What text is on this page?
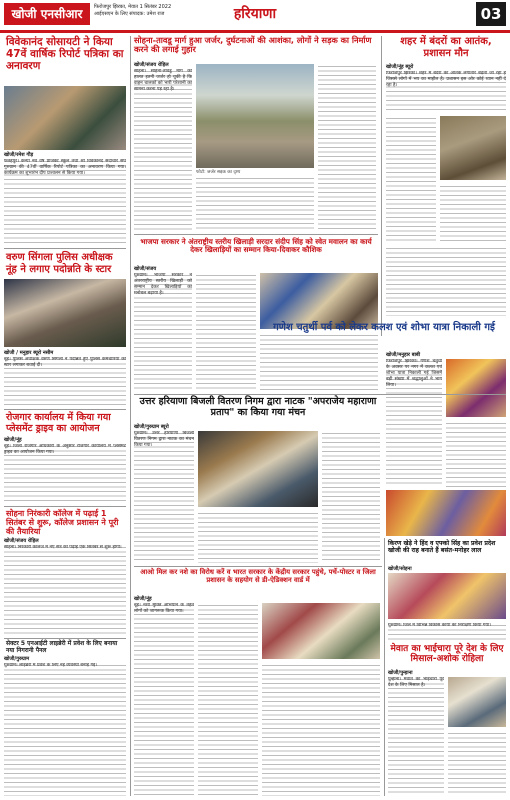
खोजी एनसीआर	फिरोजपुर झिरका, मेवात 1 सितंबर 2022
आईएसएन के लिए संपादक: उमेश राज	हरियाणा	03
विवेकानंद सोसायटी ने किया 47वें वार्षिक रिपोर्ट पत्रिका का अनावरण
खोजी/रमेश गौड़
फतेहपुर। कन्या नव वर्ष प्रोजेक्ट स्कूल तथा श्री विवेकानंद सदाचार संघ गुरुग्राम की 47वीं वार्षिक रिपोर्ट पत्रिका का अनावरण किया गया। कार्यक्रम का शुभारंभ दीप प्रज्वलन से किया गया।
वरुण सिंगला पुलिस अधीक्षक नूंह ने लगाए पदोन्नति के स्टार
खोजी / मनुहार ब्यूरो नसीम
नूंह। पुलिस अधीक्षक वरुण सिंगला ने पदोन्नत हुए पुलिस कर्मचारियों को स्टार लगाकर बधाई दी।
रोजगार कार्यालय में किया गया प्लेसमेंट ड्राइव का आयोजन
खोजी/नूंह
नूंह। जिला रोजगार अधिकारी के अनुसार रोजगार कार्यालय में प्लेसमेंट ड्राइव का आयोजन किया गया।
सोहना निरंकारी कॉलेज में पढ़ाई 1 सितंबर से शुरू, कॉलेज प्रशासन ने पूरी की तैयारियां
खोजी/संजय रोहिल
सोहना। निरंकारी कॉलेज में नए सत्र की पढ़ाई एक सितंबर से शुरू होगी।
सेक्टर 5 एनआईटी लाइब्रेरी में प्रवेश के लिए बनाया नया निगरानी पैनल
खोजी/गुरुग्राम
गुरुग्राम। लाइब्रेरी में प्रवेश के लिए नई व्यवस्था बनाई गई।
सोहना-तावडू मार्ग हुआ जर्जर, दुर्घटनाओं की आशंका, लोगों ने सड़क का निर्माण करने की लगाई गुहार
खोजी/संजय रोहिल
सोहना। सोहना-तावडू मार्ग की हालत इतनी जर्जर हो चुकी है कि वाहन चालकों को भारी परेशानी का सामना करना पड़ रहा है।
फोटो: जर्जर सड़क का दृश्य
भाजपा सरकार ने अंतराष्ट्रीय स्तरीय खिलाड़ी सरदार संदीप सिंह को स्वेत मवालन का कार्य देकर खिलाड़ियों का सम्मान किया-दिवाकर कौशिक
खोजी/संजय
गुरुग्राम। भाजपा सरकार ने अंतरराष्ट्रीय स्तरीय खिलाड़ी को सम्मान देकर खिलाड़ियों का मनोबल बढ़ाया है।
शहर में बंदरों का आतंक, प्रशासन मौन
खोजी/नूंह ब्यूरो
फिरोजपुर झिरका। शहर में बंदरों का आतंक लगातार बढ़ता जा रहा है जिससे लोगों में भय का माहौल है। प्रशासन इस ओर कोई ध्यान नहीं दे रहा है।
गणेश चतुर्थी पर्व को लेकर कलश एवं शोभा यात्रा निकाली गई
खोजी/मनुहार बाबी
फिरोजपुर झिरका। गणेश चतुर्थी के अवसर पर नगर में कलश एवं शोभा यात्रा निकाली गई जिसमें बड़ी संख्या में श्रद्धालुओं ने भाग लिया।
उत्तर हरियाणा बिजली वितरण निगम द्वारा नाटक "अपराजेय महाराणा प्रताप" का किया गया मंचन
खोजी/गुरुग्राम ब्यूरो
गुरुग्राम। उत्तर हरियाणा बिजली वितरण निगम द्वारा नाटक का मंचन किया गया।
आओ मिल कर नशे का विरोध करें व भारत सरकार के केंद्रीय सरकार पहुंचे, पर्चे-पोस्टर व जिला प्रशासन के सहयोग से डी-ऐडिक्शन वार्ड में
खोजी/नूंह
नूंह। नशा मुक्ति अभियान के तहत लोगों को जागरूक किया गया।
किरण खेड़े ने हिंद व एफ्को सिंह का प्रवेश प्रदेश खोजी की राह बनाते हैं बसंत-मनोहर लाल
खोजी/सोहना
गुरुग्राम। जिले में विभिन्न विकास कार्यों का निरीक्षण किया गया।
मेवात का भाईचारा पूरे देश के लिए मिसाल-अशोक रोहिला
खोजी/पुन्हाना
पुन्हाना। मेवात का भाईचारा पूरे देश के लिए मिसाल है।
